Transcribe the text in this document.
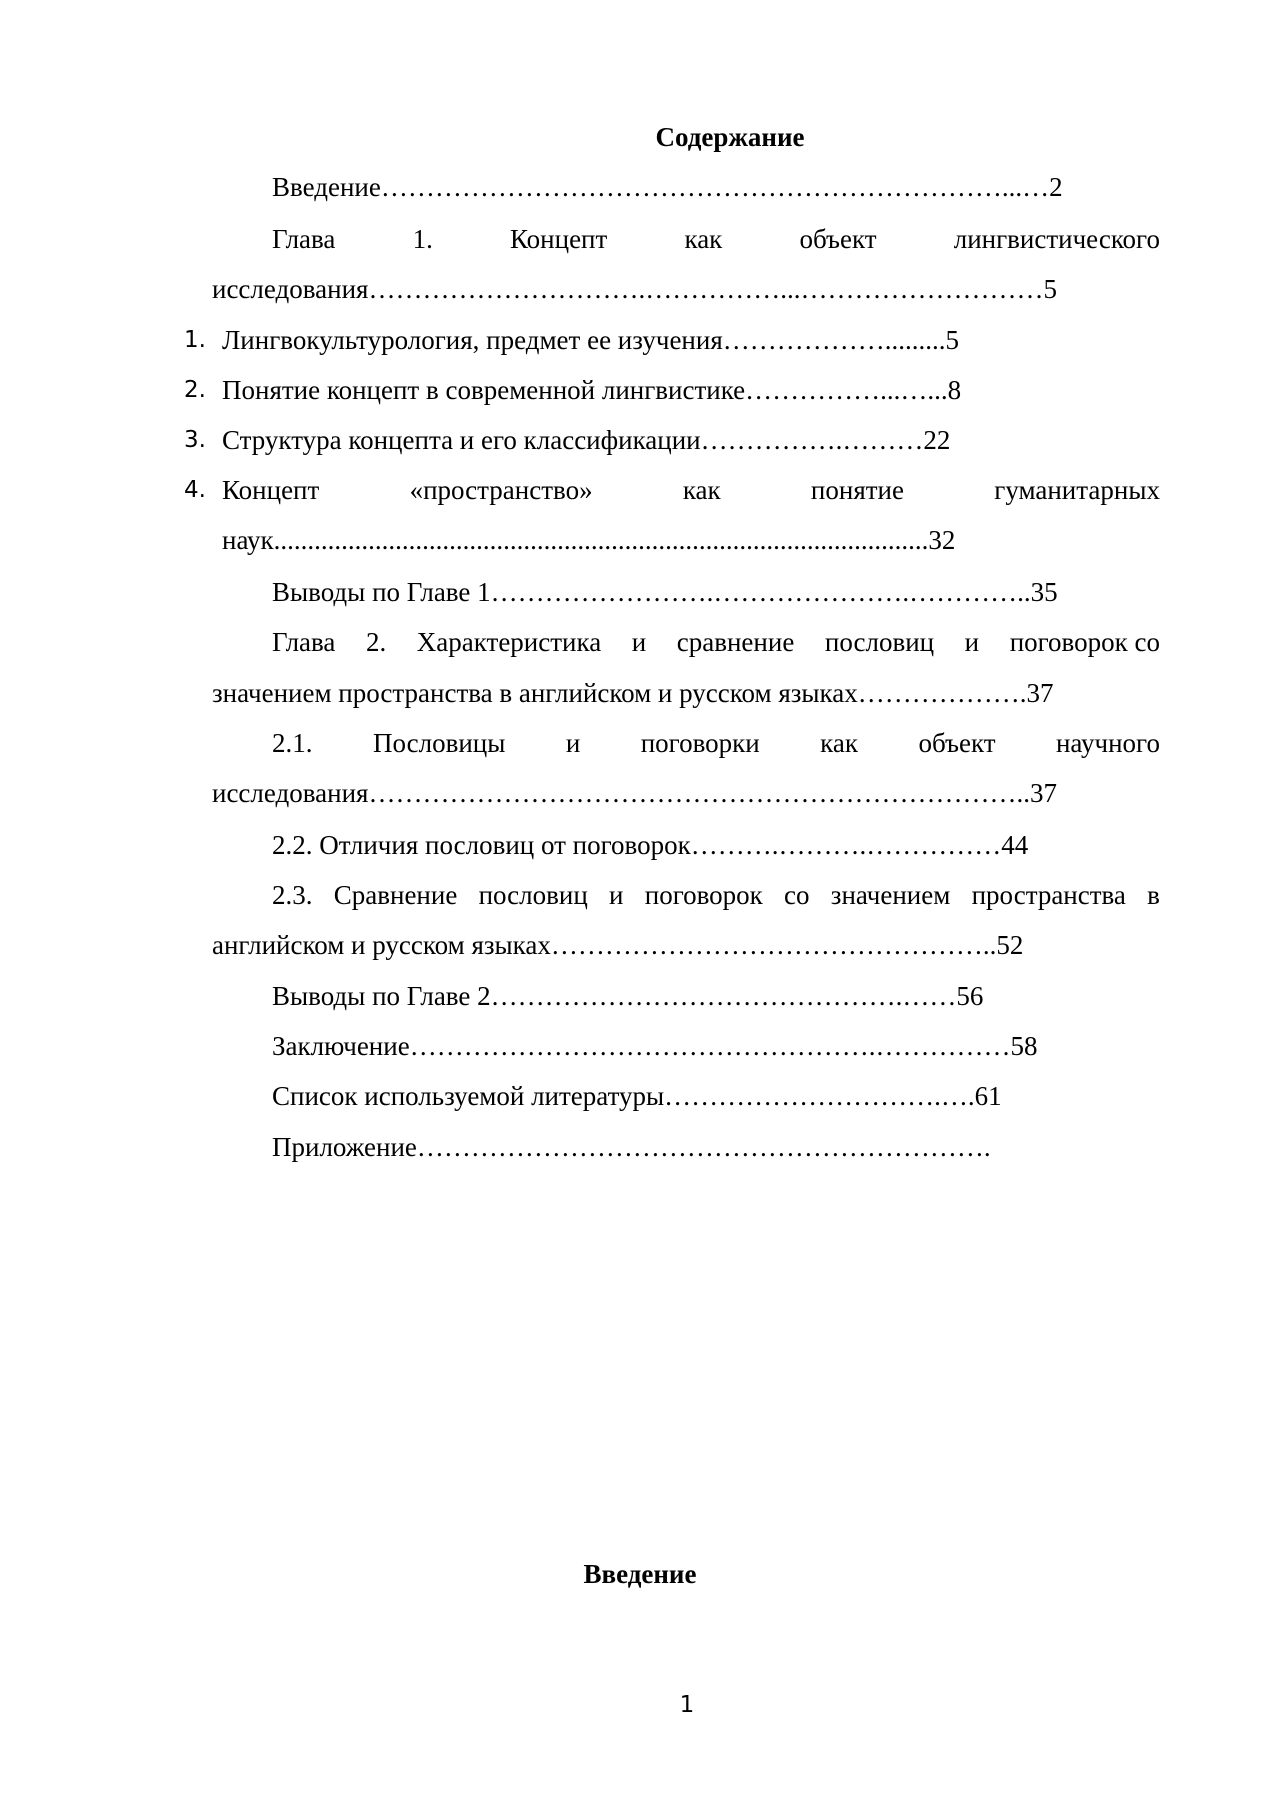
Содержание
Введение……………………………………………………………...…2
Глава	1.	Концепт	как	объект	лингвистического
исследования………………………….……………...………………………5
1. Лингвокультурология, предмет ее изучения……………….........5
2. Понятие концепт в современной лингвистике……………...…...8
3. Структура концепта и его классификации…………….………22
4. Концепт	«пространство»	как	понятие	гуманитарных
наук.................................................................................................32
Выводы по Главе 1…………………….………………….…………..35
Глава 2. Характеристика и сравнение пословиц и поговорок со
значением пространства в английском и русском языках……………….37
2.1. Пословицы и поговорки как объект научного
исследования………………………………………………………………..37
2.2. Отличия пословиц от поговорок……….……….……………44
2.3. Сравнение пословиц и поговорок со значением пространства в
английском и русском языках…………………………………………..52
Выводы по Главе 2……………………………………….……56
Заключение…………………………………………….……………58
Список используемой литературы………………………….….61
Приложение……………………………………………………….
Введение
1
